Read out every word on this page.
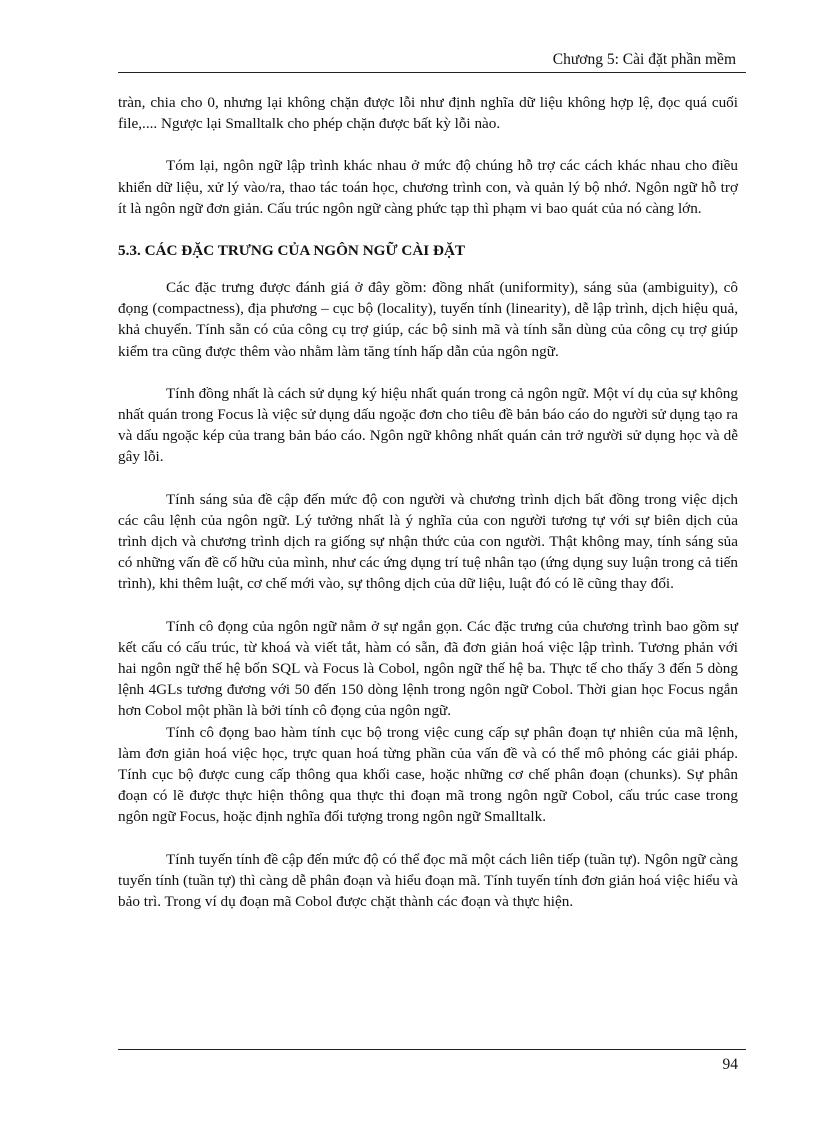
Chương 5: Cài đặt phần mềm

tràn, chia cho 0, nhưng lại không chặn được lỗi như định nghĩa dữ liệu không hợp lệ, đọc quá cuối file,.... Ngược lại Smalltalk cho phép chặn được bất kỳ lỗi nào.

Tóm lại, ngôn ngữ lập trình khác nhau ở mức độ chúng hỗ trợ các cách khác nhau cho điều khiển dữ liệu, xử lý vào/ra, thao tác toán học, chương trình con, và quản lý bộ nhớ. Ngôn ngữ hỗ trợ ít là ngôn ngữ đơn giản. Cấu trúc ngôn ngữ càng phức tạp thì phạm vi bao quát của nó càng lớn.

5.3. CÁC ĐẶC TRƯNG CỦA NGÔN NGỮ CÀI ĐẶT

Các đặc trưng được đánh giá ở đây gồm: đồng nhất (uniformity), sáng sủa (ambiguity), cô đọng (compactness), địa phương – cục bộ (locality), tuyến tính (linearity), dễ lập trình, dịch hiệu quả, khả chuyển. Tính sẵn có của công cụ trợ giúp, các bộ sinh mã và tính sẵn dùng của công cụ trợ giúp kiểm tra cũng được thêm vào nhằm làm tăng tính hấp dẫn của ngôn ngữ.

Tính đồng nhất là cách sử dụng ký hiệu nhất quán trong cả ngôn ngữ. Một ví dụ của sự không nhất quán trong Focus là việc sử dụng dấu ngoặc đơn cho tiêu đề bản báo cáo do người sử dụng tạo ra và dấu ngoặc kép của trang bản báo cáo. Ngôn ngữ không nhất quán cản trở người sử dụng học và dễ gây lỗi.

Tính sáng sủa đề cập đến mức độ con người và chương trình dịch bất đồng trong việc dịch các câu lệnh của ngôn ngữ. Lý tưởng nhất là ý nghĩa của con người tương tự với sự biên dịch của trình dịch và chương trình dịch ra giống sự nhận thức của con người. Thật không may, tính sáng sủa có những vấn đề cố hữu của mình, như các ứng dụng trí tuệ nhân tạo (ứng dụng suy luận trong cả tiến trình), khi thêm luật, cơ chế mới vào, sự thông dịch của dữ liệu, luật đó có lẽ cũng thay đổi.

Tính cô đọng của ngôn ngữ nằm ở sự ngắn gọn. Các đặc trưng của chương trình bao gồm sự kết cấu có cấu trúc, từ khoá và viết tắt, hàm có sẵn, đã đơn giản hoá việc lập trình. Tương phản với hai ngôn ngữ thế hệ bốn SQL và Focus là Cobol, ngôn ngữ thế hệ ba. Thực tế cho thấy 3 đến 5 dòng lệnh 4GLs tương đương với 50 đến 150 dòng lệnh trong ngôn ngữ Cobol. Thời gian học Focus ngắn hơn Cobol một phần là bởi tính cô đọng của ngôn ngữ.

Tính cô đọng bao hàm tính cục bộ trong việc cung cấp sự phân đoạn tự nhiên của mã lệnh, làm đơn giản hoá việc học, trực quan hoá từng phần của vấn đề và có thể mô phỏng các giải pháp. Tính cục bộ được cung cấp thông qua khối case, hoặc những cơ chế phân đoạn (chunks). Sự phân đoạn có lẽ được thực hiện thông qua thực thi đoạn mã trong ngôn ngữ Cobol, cấu trúc case trong ngôn ngữ Focus, hoặc định nghĩa đối tượng trong ngôn ngữ Smalltalk.

Tính tuyến tính đề cập đến mức độ có thể đọc mã một cách liên tiếp (tuần tự). Ngôn ngữ càng tuyến tính (tuần tự) thì càng dễ phân đoạn và hiểu đoạn mã. Tính tuyến tính đơn giản hoá việc hiểu và bảo trì. Trong ví dụ đoạn mã Cobol được chặt thành các đoạn và thực hiện.

94
